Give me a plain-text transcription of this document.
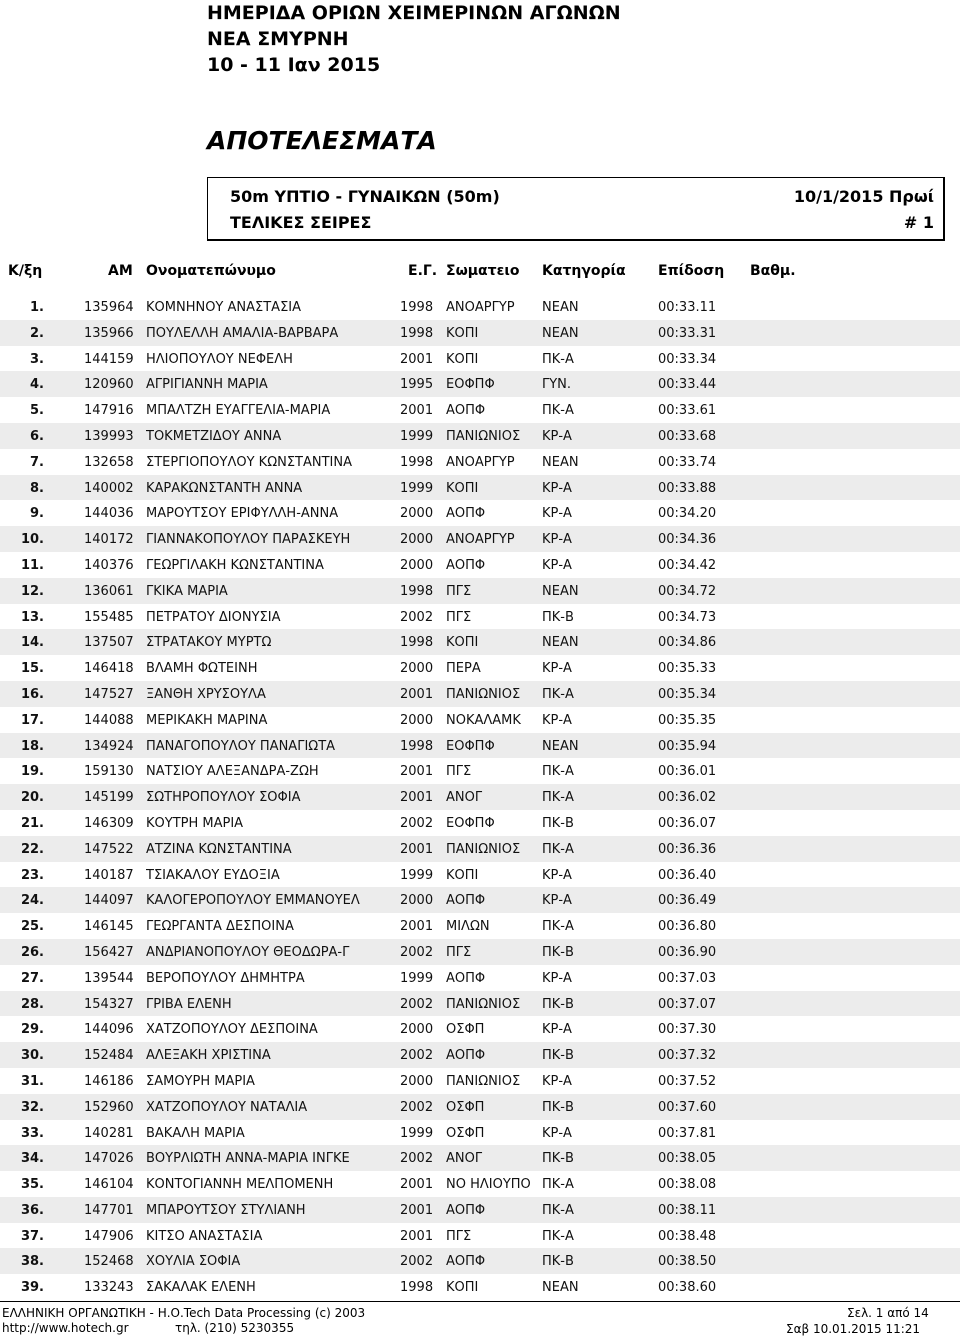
ΗΜΕΡΙΔΑ ΟΡΙΩΝ ΧΕΙΜΕΡΙΝΩΝ ΑΓΩΝΩΝ
ΝΕΑ ΣΜΥΡΝΗ
10 - 11 Ιαν 2015
ΑΠΟΤΕΛΕΣΜΑΤΑ
50m ΥΠΤΙΟ - ΓΥΝΑΙΚΩΝ (50m)
ΤΕΛΙΚΕΣ ΣΕΙΡΕΣ
10/1/2015 Πρωί
# 1
Κ/ξη	ΑΜ Ονοματεπώνυμο	Ε.Γ. Σωματειο Κατηγορία Επίδοση Βαθμ.
1.	135964 ΚΟΜΝΗΝΟΥ ΑΝΑΣΤΑΣΙΑ	1998 ΑΝΟΑΡΓΥΡ	ΝΕΑΝ	00:33.11
2.	135966 ΠΟΥΛΕΛΛΗ ΑΜΑΛΙΑ-ΒΑΡΒΑΡΑ	1998 ΚΟΠΙ	ΝΕΑΝ	00:33.31
3.	144159 ΗΛΙΟΠΟΥΛΟΥ ΝΕΦΕΛΗ	2001 ΚΟΠΙ	ΠΚ-Α	00:33.34
4.	120960 ΑΓΡΙΓΙΑΝΝΗ ΜΑΡΙΑ	1995 ΕΟΦΠΦ	ΓΥΝ.	00:33.44
5.	147916 ΜΠΑΛΤΖΗ ΕΥΑΓΓΕΛΙΑ-ΜΑΡΙΑ	2001 ΑΟΠΦ	ΠΚ-Α	00:33.61
6.	139993 ΤΟΚΜΕΤΖΙΔΟΥ ΑΝΝΑ	1999 ΠΑΝΙΩΝΙΟΣ	ΚΡ-Α	00:33.68
7.	132658 ΣΤΕΡΓΙΟΠΟΥΛΟΥ ΚΩΝΣΤΑΝΤΙΝΑ	1998 ΑΝΟΑΡΓΥΡ	ΝΕΑΝ	00:33.74
8.	140002 ΚΑΡΑΚΩΝΣΤΑΝΤΗ ΑΝΝΑ	1999 ΚΟΠΙ	ΚΡ-Α	00:33.88
9.	144036 ΜΑΡΟΥΤΣΟΥ ΕΡΙΦΥΛΛΗ-ΑΝΝΑ	2000 ΑΟΠΦ	ΚΡ-Α	00:34.20
10.	140172 ΓΙΑΝΝΑΚΟΠΟΥΛΟΥ ΠΑΡΑΣΚΕΥΗ	2000 ΑΝΟΑΡΓΥΡ	ΚΡ-Α	00:34.36
11.	140376 ΓΕΩΡΓΙΛΑΚΗ ΚΩΝΣΤΑΝΤΙΝΑ	2000 ΑΟΠΦ	ΚΡ-Α	00:34.42
12.	136061 ΓΚΙΚΑ ΜΑΡΙΑ	1998 ΠΓΣ	ΝΕΑΝ	00:34.72
13.	155485 ΠΕΤΡΑΤΟΥ ΔΙΟΝΥΣΙΑ	2002 ΠΓΣ	ΠΚ-Β	00:34.73
14.	137507 ΣΤΡΑΤΑΚΟΥ ΜΥΡΤΩ	1998 ΚΟΠΙ	ΝΕΑΝ	00:34.86
15.	146418 ΒΛΑΜΗ ΦΩΤΕΙΝΗ	2000 ΠΕΡΑ	ΚΡ-Α	00:35.33
16.	147527 ΞΑΝΘΗ ΧΡΥΣΟΥΛΑ	2001 ΠΑΝΙΩΝΙΟΣ	ΠΚ-Α	00:35.34
17.	144088 ΜΕΡΙΚΑΚΗ ΜΑΡΙΝΑ	2000 ΝΟΚΑΛΑΜΚ	ΚΡ-Α	00:35.35
18.	134924 ΠΑΝΑΓΟΠΟΥΛΟΥ ΠΑΝΑΓΙΩΤΑ	1998 ΕΟΦΠΦ	ΝΕΑΝ	00:35.94
19.	159130 ΝΑΤΣΙΟΥ ΑΛΕΞΑΝΔΡΑ-ΖΩΗ	2001 ΠΓΣ	ΠΚ-Α	00:36.01
20.	145199 ΣΩΤΗΡΟΠΟΥΛΟΥ ΣΟΦΙΑ	2001 ΑΝΟΓ	ΠΚ-Α	00:36.02
21.	146309 ΚΟΥΤΡΗ ΜΑΡΙΑ	2002 ΕΟΦΠΦ	ΠΚ-Β	00:36.07
22.	147522 ΑΤΖΙΝΑ ΚΩΝΣΤΑΝΤΙΝΑ	2001 ΠΑΝΙΩΝΙΟΣ	ΠΚ-Α	00:36.36
23.	140187 ΤΣΙΑΚΑΛΟΥ ΕΥΔΟΞΙΑ	1999 ΚΟΠΙ	ΚΡ-Α	00:36.40
24.	144097 ΚΑΛΟΓΕΡΟΠΟΥΛΟΥ ΕΜΜΑΝΟΥΕΛ	2000 ΑΟΠΦ	ΚΡ-Α	00:36.49
25.	146145 ΓΕΩΡΓΑΝΤΑ ΔΕΣΠΟΙΝΑ	2001 ΜΙΛΩΝ	ΠΚ-Α	00:36.80
26.	156427 ΑΝΔΡΙΑΝΟΠΟΥΛΟΥ ΘΕΟΔΩΡΑ-Γ	2002 ΠΓΣ	ΠΚ-Β	00:36.90
27.	139544 ΒΕΡΟΠΟΥΛΟΥ ΔΗΜΗΤΡΑ	1999 ΑΟΠΦ	ΚΡ-Α	00:37.03
28.	154327 ΓΡΙΒΑ ΕΛΕΝΗ	2002 ΠΑΝΙΩΝΙΟΣ	ΠΚ-Β	00:37.07
29.	144096 ΧΑΤΖΟΠΟΥΛΟΥ ΔΕΣΠΟΙΝΑ	2000 ΟΣΦΠ	ΚΡ-Α	00:37.30
30.	152484 ΑΛΕΞΑΚΗ ΧΡΙΣΤΙΝΑ	2002 ΑΟΠΦ	ΠΚ-Β	00:37.32
31.	146186 ΣΑΜΟΥΡΗ ΜΑΡΙΑ	2000 ΠΑΝΙΩΝΙΟΣ	ΚΡ-Α	00:37.52
32.	152960 ΧΑΤΖΟΠΟΥΛΟΥ ΝΑΤΑΛΙΑ	2002 ΟΣΦΠ	ΠΚ-Β	00:37.60
33.	140281 ΒΑΚΑΛΗ ΜΑΡΙΑ	1999 ΟΣΦΠ	ΚΡ-Α	00:37.81
34.	147026 ΒΟΥΡΛΙΩΤΗ ΑΝΝΑ-ΜΑΡΙΑ ΙΝΓΚΕ	2002 ΑΝΟΓ	ΠΚ-Β	00:38.05
35.	146104 ΚΟΝΤΟΓΙΑΝΝΗ ΜΕΛΠΟΜΕΝΗ	2001 ΝΟ ΗΛΙΟΥΠΟ ΠΚ-Α	00:38.08
36.	147701 ΜΠΑΡΟΥΤΣΟΥ ΣΤΥΛΙΑΝΗ	2001 ΑΟΠΦ	ΠΚ-Α	00:38.11
37.	147906 ΚΙΤΣΟ ΑΝΑΣΤΑΣΙΑ	2001 ΠΓΣ	ΠΚ-Α	00:38.48
38.	152468 ΧΟΥΛΙΑ ΣΟΦΙΑ	2002 ΑΟΠΦ	ΠΚ-Β	00:38.50
39.	133243 ΣΑΚΑΛΑΚ ΕΛΕΝΗ	1998 ΚΟΠΙ	ΝΕΑΝ	00:38.60
ΕΛΛΗΝΙΚΗ ΟΡΓΑΝΩΤΙΚΗ - Η.Ο.Tech Data Processing (c) 2003
http://www.hotech.gr	τηλ. (210) 5230355
Σελ. 1 από 14
Σαβ 10.01.2015 11:21
